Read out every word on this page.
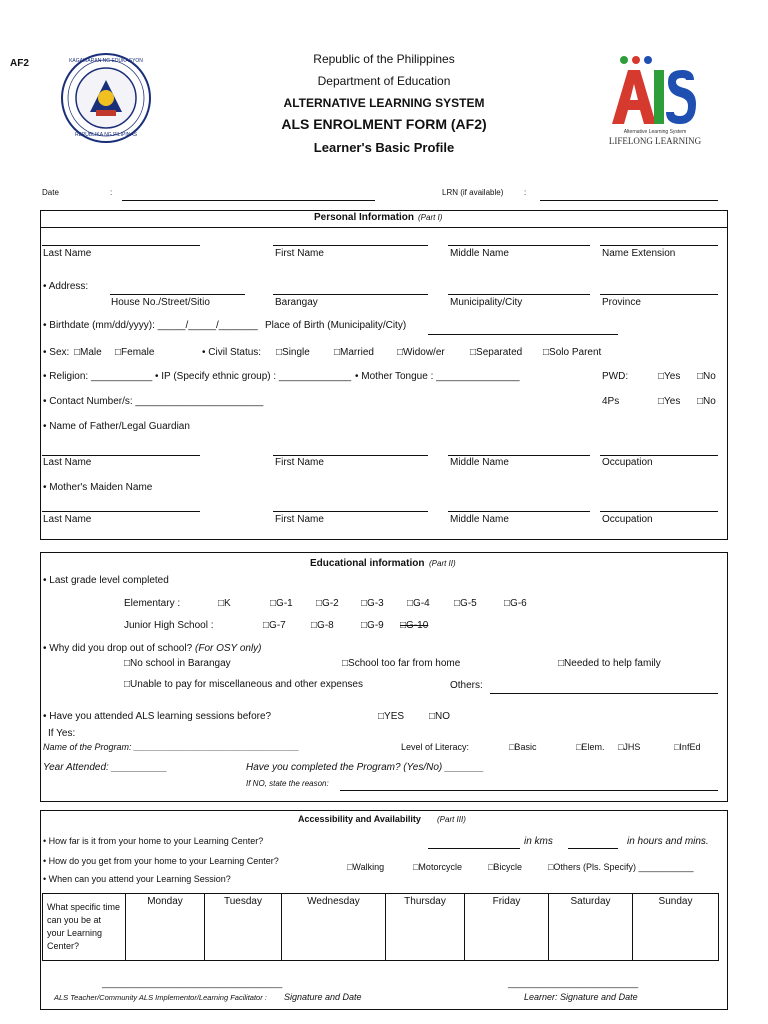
AF2	KAGAWARAN NG EDUKASYON
REPUBLIKA NG PILIPINAS
Republic of the Philippines
Department of Education
ALTERNATIVE LEARNING SYSTEM
ALS ENROLMENT FORM (AF2)
Learner's Basic Profile
Alternative Learning System
LIFELONG LEARNING
Date	:	LRN (if available)	:
Personal Information (Part I)
Last Name	First Name	Middle Name	Name Extension
• Address:
House No./Street/Sitio	Barangay	Municipality/City	Province
• Birthdate (mm/dd/yyyy): _____/_____/_______ Place of Birth (Municipality/City)
• Sex: □Male □Female	• Civil Status: □Single □Married □Widow/er	□Separated □Solo Parent
• Religion: ___________ • IP (Specify ethnic group) : _____________ • Mother Tongue : _______________	PWD:	□Yes □No
• Contact Number/s: _______________________	4Ps	□Yes □No
• Name of Father/Legal Guardian
Last Name	First Name	Middle Name	Occupation
• Mother's Maiden Name
Last Name	First Name	Middle Name	Occupation
Educational information (Part II)
• Last grade level completed
Elementary :	□K	□G-1 □G-2 □G-3 □G-4 □G-5	□G-6
Junior High School :	□G-7	□G-8	□G-9 □G-10
• Why did you drop out of school? (For OSY only)
□No school in Barangay	□School too far from home	□Needed to help family
□Unable to pay for miscellaneous and other expenses	Others:
• Have you attended ALS learning sessions before?	□YES □NO
If Yes:
Name of the Program: _________________________________	Level of Literacy:	□Basic	□Elem. □JHS	□InfEd
Year Attended: __________	Have you completed the Program? (Yes/No) _______
If NO, state the reason:
Accessibility and Availability (Part III)
• How far is it from your home to your Learning Center?	in kms	in hours and mins.
• How do you get from your home to your Learning Center?
□Walking	□Motorcycle	□Bicycle	□Others (Pls. Specify) ___________
• When can you attend your Learning Session?
What specific time can you be at your Learning Center?	Monday	Tuesday	Wednesday	Thursday	Friday	Saturday	Sunday
____________________________________	__________________________
ALS Teacher/Community ALS Implementor/Learning Facilitator : Signature and Date	Learner: Signature and Date
